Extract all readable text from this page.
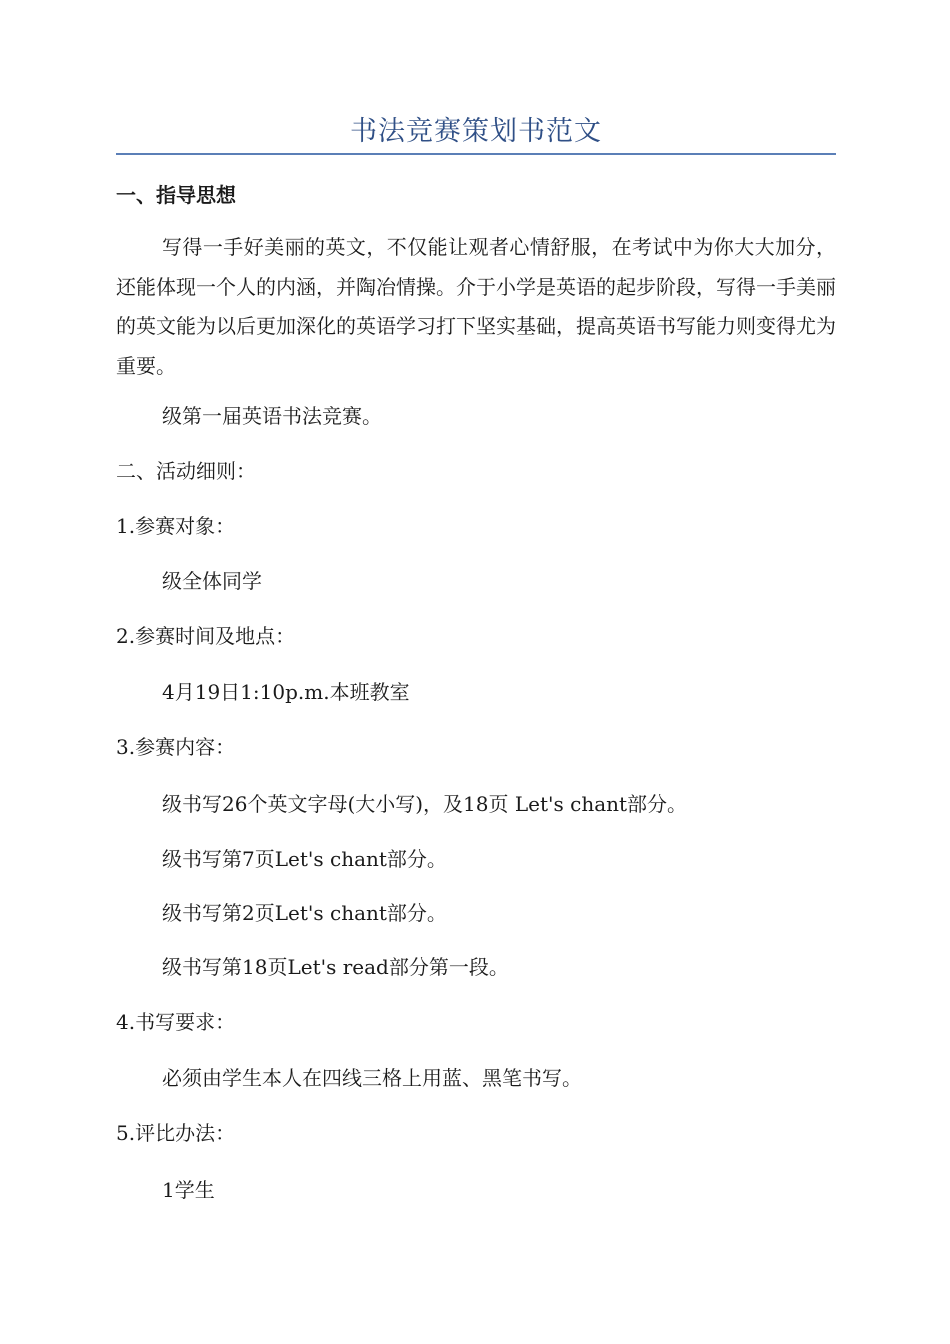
书法竞赛策划书范文
一、指导思想

写得一手好美丽的英文，不仅能让观者心情舒服，在考试中为你大大加分，还能体现一个人的内涵，并陶冶情操。介于小学是英语的起步阶段，写得一手美丽的英文能为以后更加深化的英语学习打下坚实基础，提高英语书写能力则变得尤为重要。

级第一届英语书法竞赛。
二、活动细则：
1.参赛对象：
级全体同学
2.参赛时间及地点：
4月19日1:10p.m.本班教室
3.参赛内容：
级书写26个英文字母(大小写)，及18页 Let's chant部分。
级书写第7页Let's chant部分。
级书写第2页Let's chant部分。
级书写第18页Let's read部分第一段。
4.书写要求：
必须由学生本人在四线三格上用蓝、黑笔书写。
5.评比办法：
1学生
